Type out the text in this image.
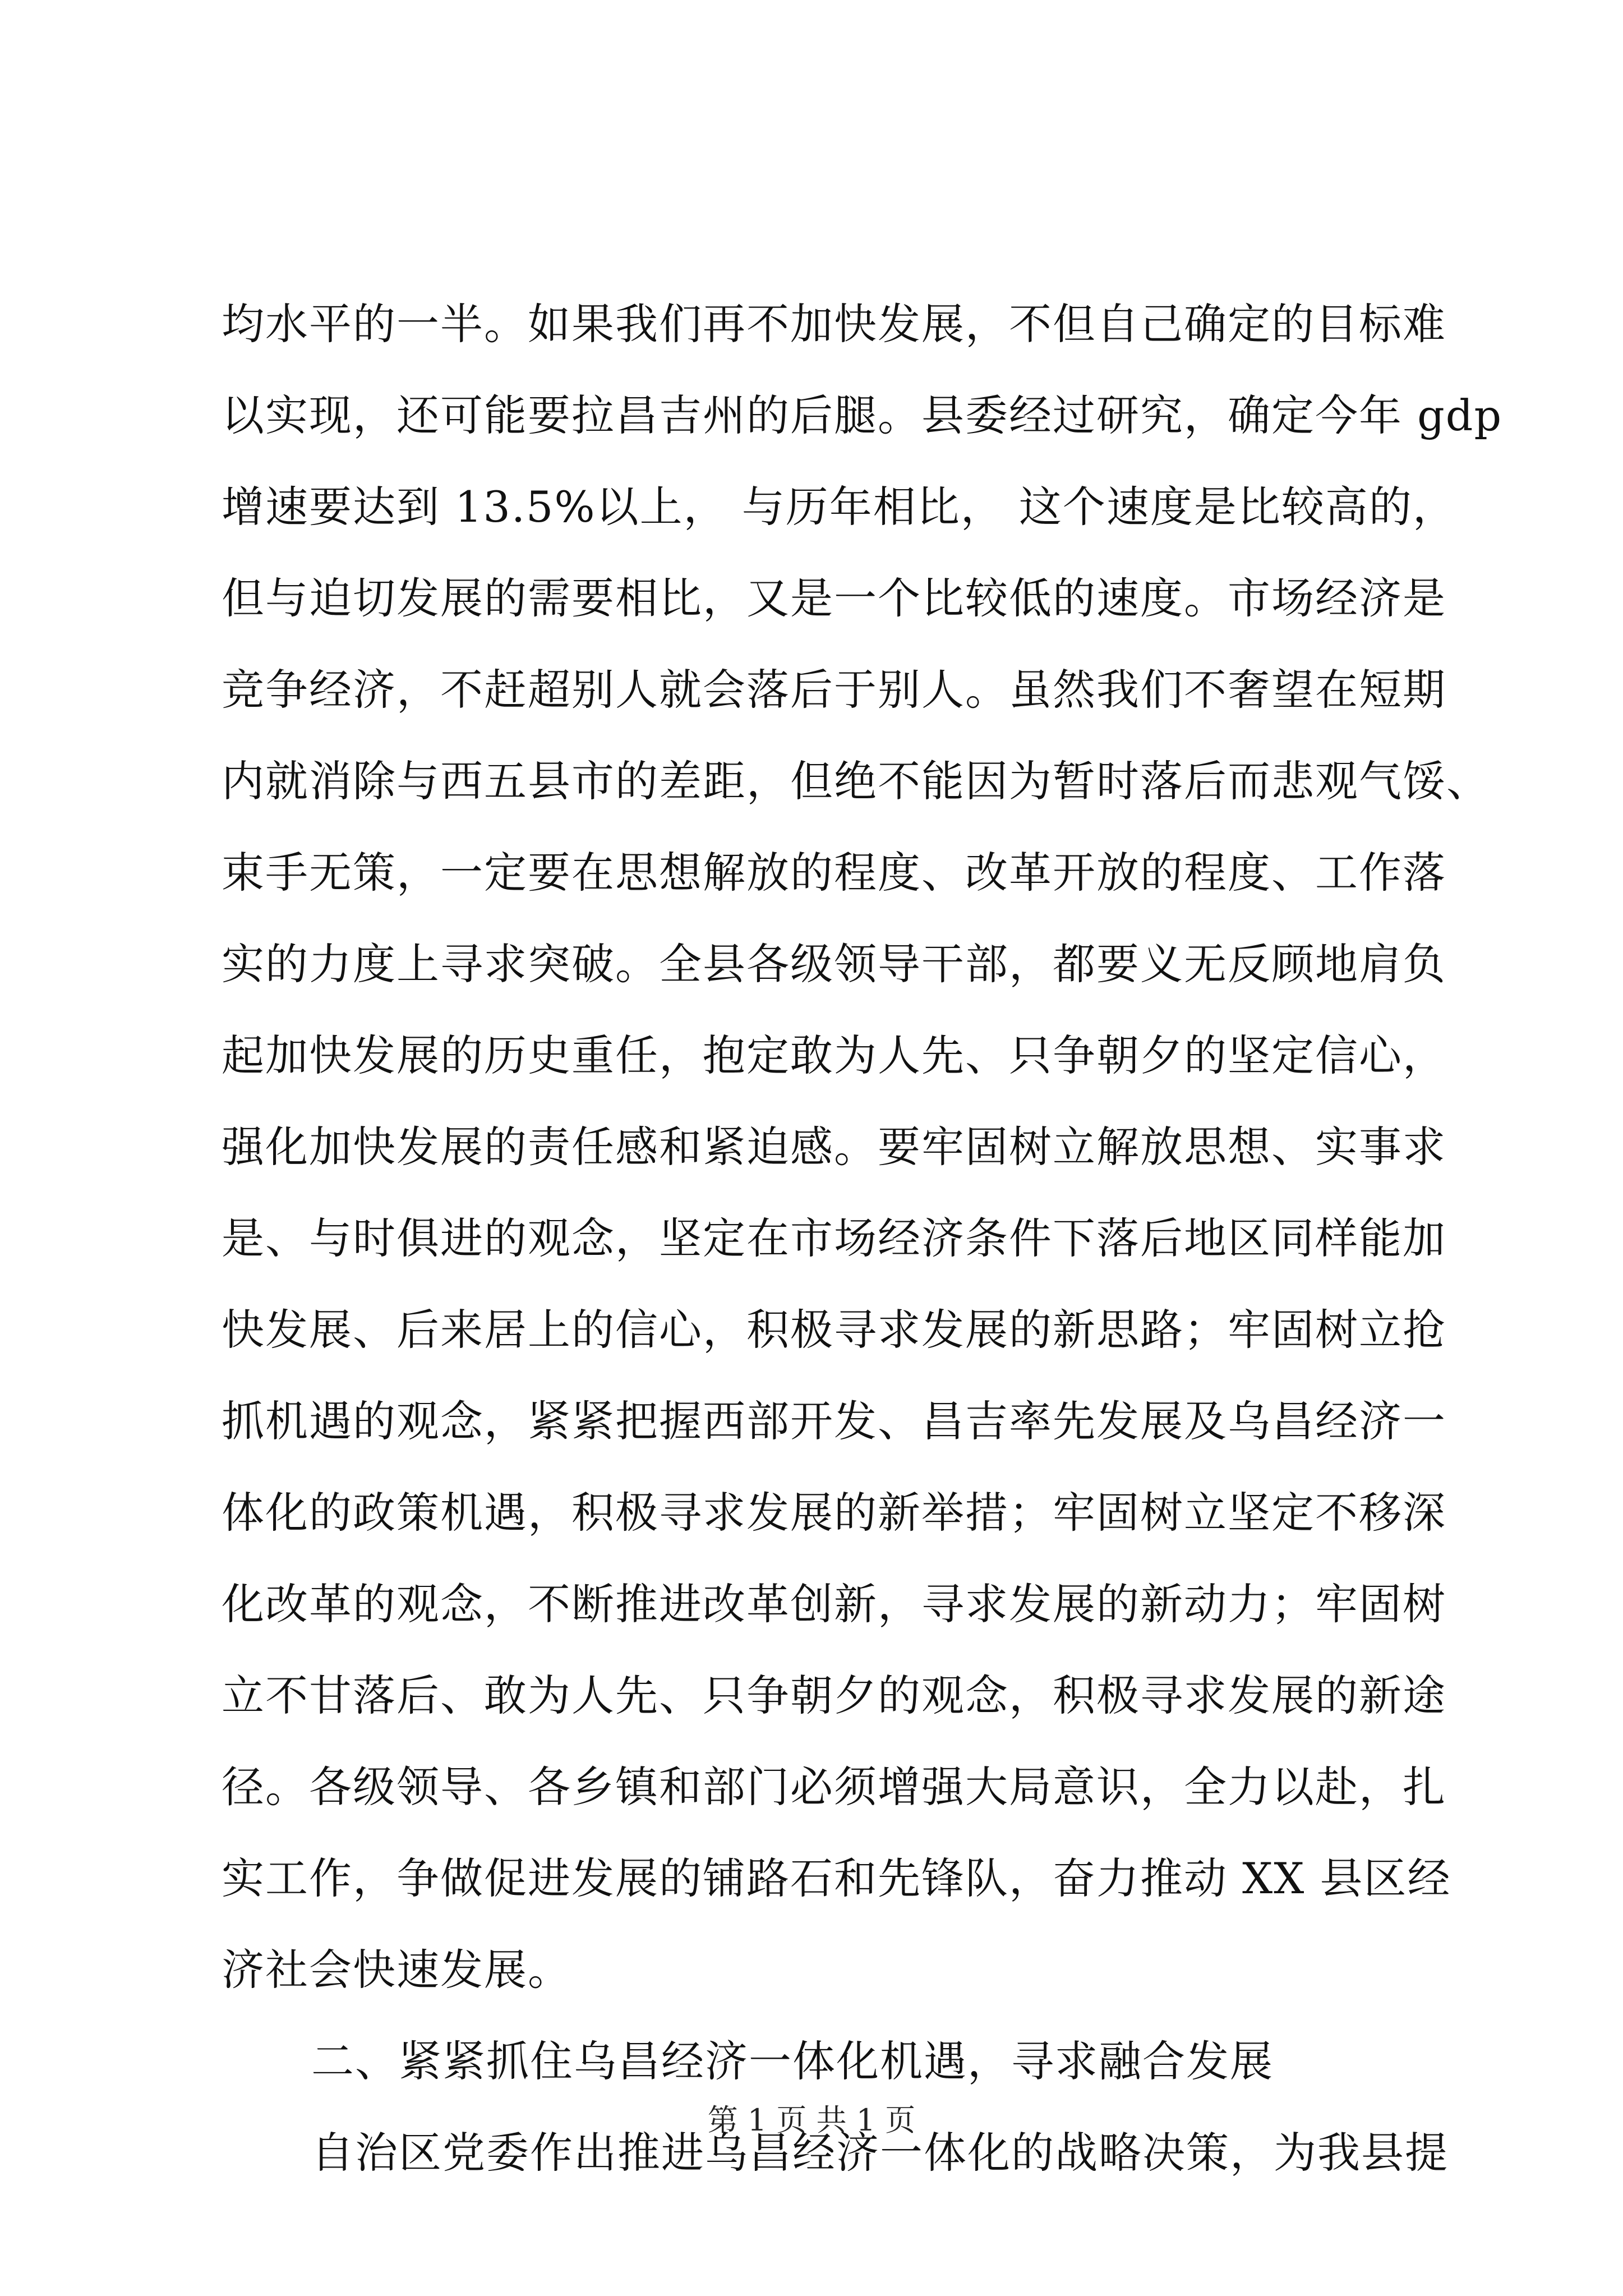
均水平的一半。如果我们再不加快发展，不但自己确定的目标难
以实现，还可能要拉昌吉州的后腿。县委经过研究，确定今年 gdp
增速要达到 13.5%以上， 与历年相比， 这个速度是比较高的，
但与迫切发展的需要相比，又是一个比较低的速度。市场经济是
竞争经济，不赶超别人就会落后于别人。虽然我们不奢望在短期
内就消除与西五县市的差距，但绝不能因为暂时落后而悲观气馁、
束手无策，一定要在思想解放的程度、改革开放的程度、工作落
实的力度上寻求突破。全县各级领导干部，都要义无反顾地肩负
起加快发展的历史重任，抱定敢为人先、只争朝夕的坚定信心，
强化加快发展的责任感和紧迫感。要牢固树立解放思想、实事求
是、与时俱进的观念，坚定在市场经济条件下落后地区同样能加
快发展、后来居上的信心，积极寻求发展的新思路；牢固树立抢
抓机遇的观念，紧紧把握西部开发、昌吉率先发展及乌昌经济一
体化的政策机遇，积极寻求发展的新举措；牢固树立坚定不移深
化改革的观念，不断推进改革创新，寻求发展的新动力；牢固树
立不甘落后、敢为人先、只争朝夕的观念，积极寻求发展的新途
径。各级领导、各乡镇和部门必须增强大局意识，全力以赴，扎
实工作，争做促进发展的铺路石和先锋队，奋力推动 XX 县区经
济社会快速发展。
二、紧紧抓住乌昌经济一体化机遇，寻求融合发展
自治区党委作出推进乌昌经济一体化的战略决策，为我县提
第 1 页 共 1 页
